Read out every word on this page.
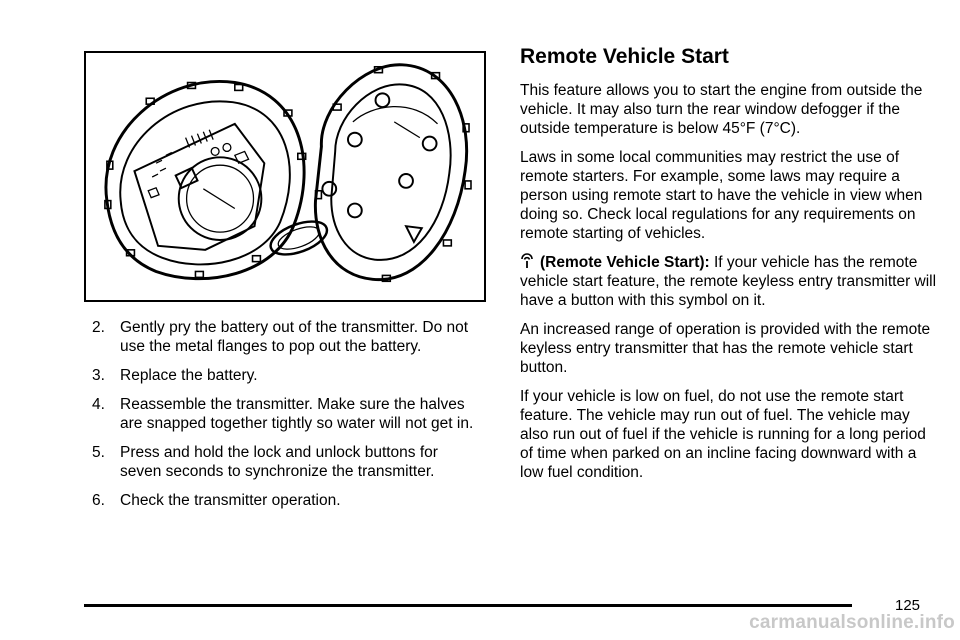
2. Gently pry the battery out of the transmitter. Do not use the metal flanges to pop out the battery.
3. Replace the battery.
4. Reassemble the transmitter. Make sure the halves are snapped together tightly so water will not get in.
5. Press and hold the lock and unlock buttons for seven seconds to synchronize the transmitter.
6. Check the transmitter operation.
Remote Vehicle Start

This feature allows you to start the engine from outside the vehicle. It may also turn the rear window defogger if the outside temperature is below 45°F (7°C).

Laws in some local communities may restrict the use of remote starters. For example, some laws may require a person using remote start to have the vehicle in view when doing so. Check local regulations for any requirements on remote starting of vehicles.

(Remote Vehicle Start): If your vehicle has the remote vehicle start feature, the remote keyless entry transmitter will have a button with this symbol on it.

An increased range of operation is provided with the remote keyless entry transmitter that has the remote vehicle start button.

If your vehicle is low on fuel, do not use the remote start feature. The vehicle may run out of fuel. The vehicle may also run out of fuel if the vehicle is running for a long period of time when parked on an incline facing downward with a low fuel condition.

125
carmanualsonline.info
